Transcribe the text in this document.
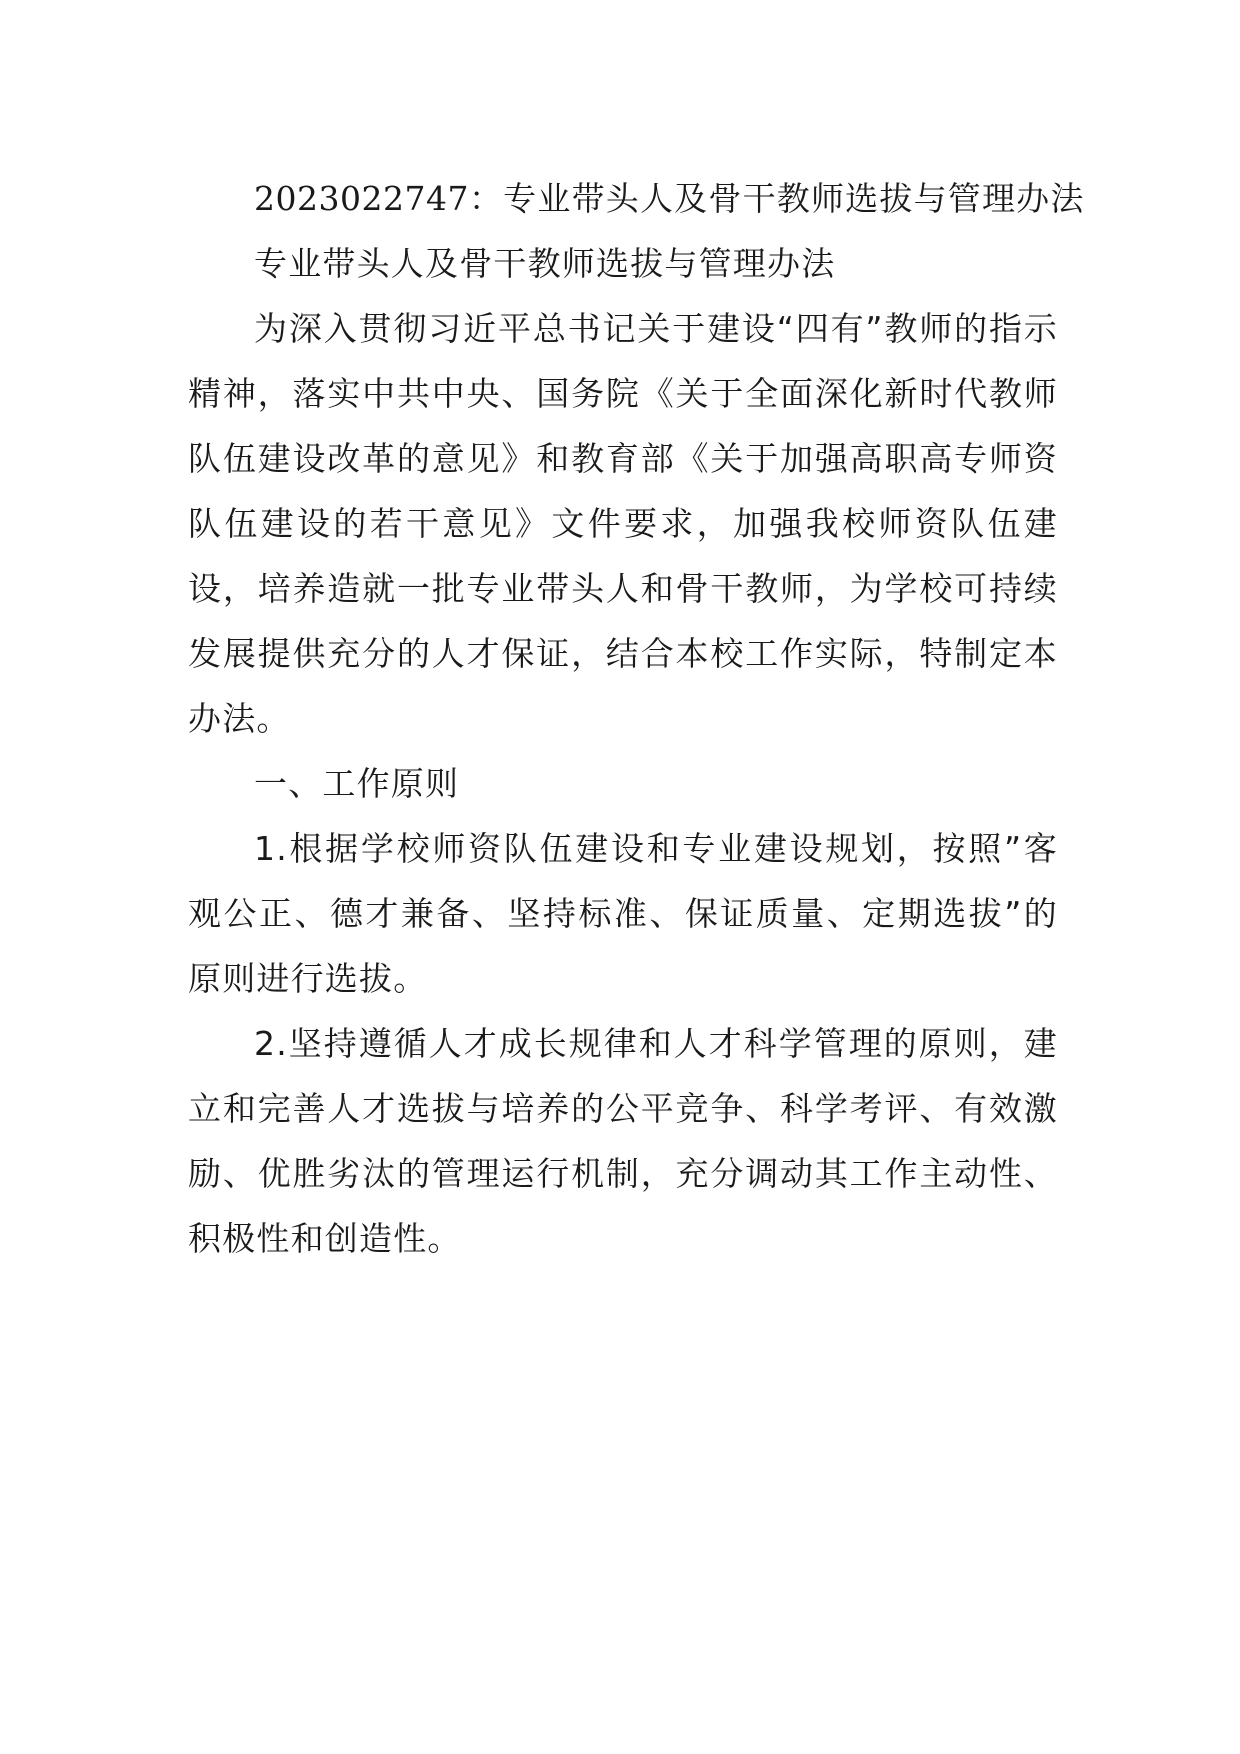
2023022747：专业带头人及骨干教师选拔与管理办法

专业带头人及骨干教师选拔与管理办法

为深入贯彻习近平总书记关于建设“四有”教师的指示精神，落实中共中央、国务院《关于全面深化新时代教师队伍建设改革的意见》和教育部《关于加强高职高专师资队伍建设的若干意见》文件要求，加强我校师资队伍建设，培养造就一批专业带头人和骨干教师，为学校可持续发展提供充分的人才保证，结合本校工作实际，特制定本办法。

一、工作原则

1.根据学校师资队伍建设和专业建设规划，按照”客观公正、德才兼备、坚持标准、保证质量、定期选拔”的原则进行选拔。

2.坚持遵循人才成长规律和人才科学管理的原则，建立和完善人才选拔与培养的公平竞争、科学考评、有效激励、优胜劣汰的管理运行机制，充分调动其工作主动性、积极性和创造性。
